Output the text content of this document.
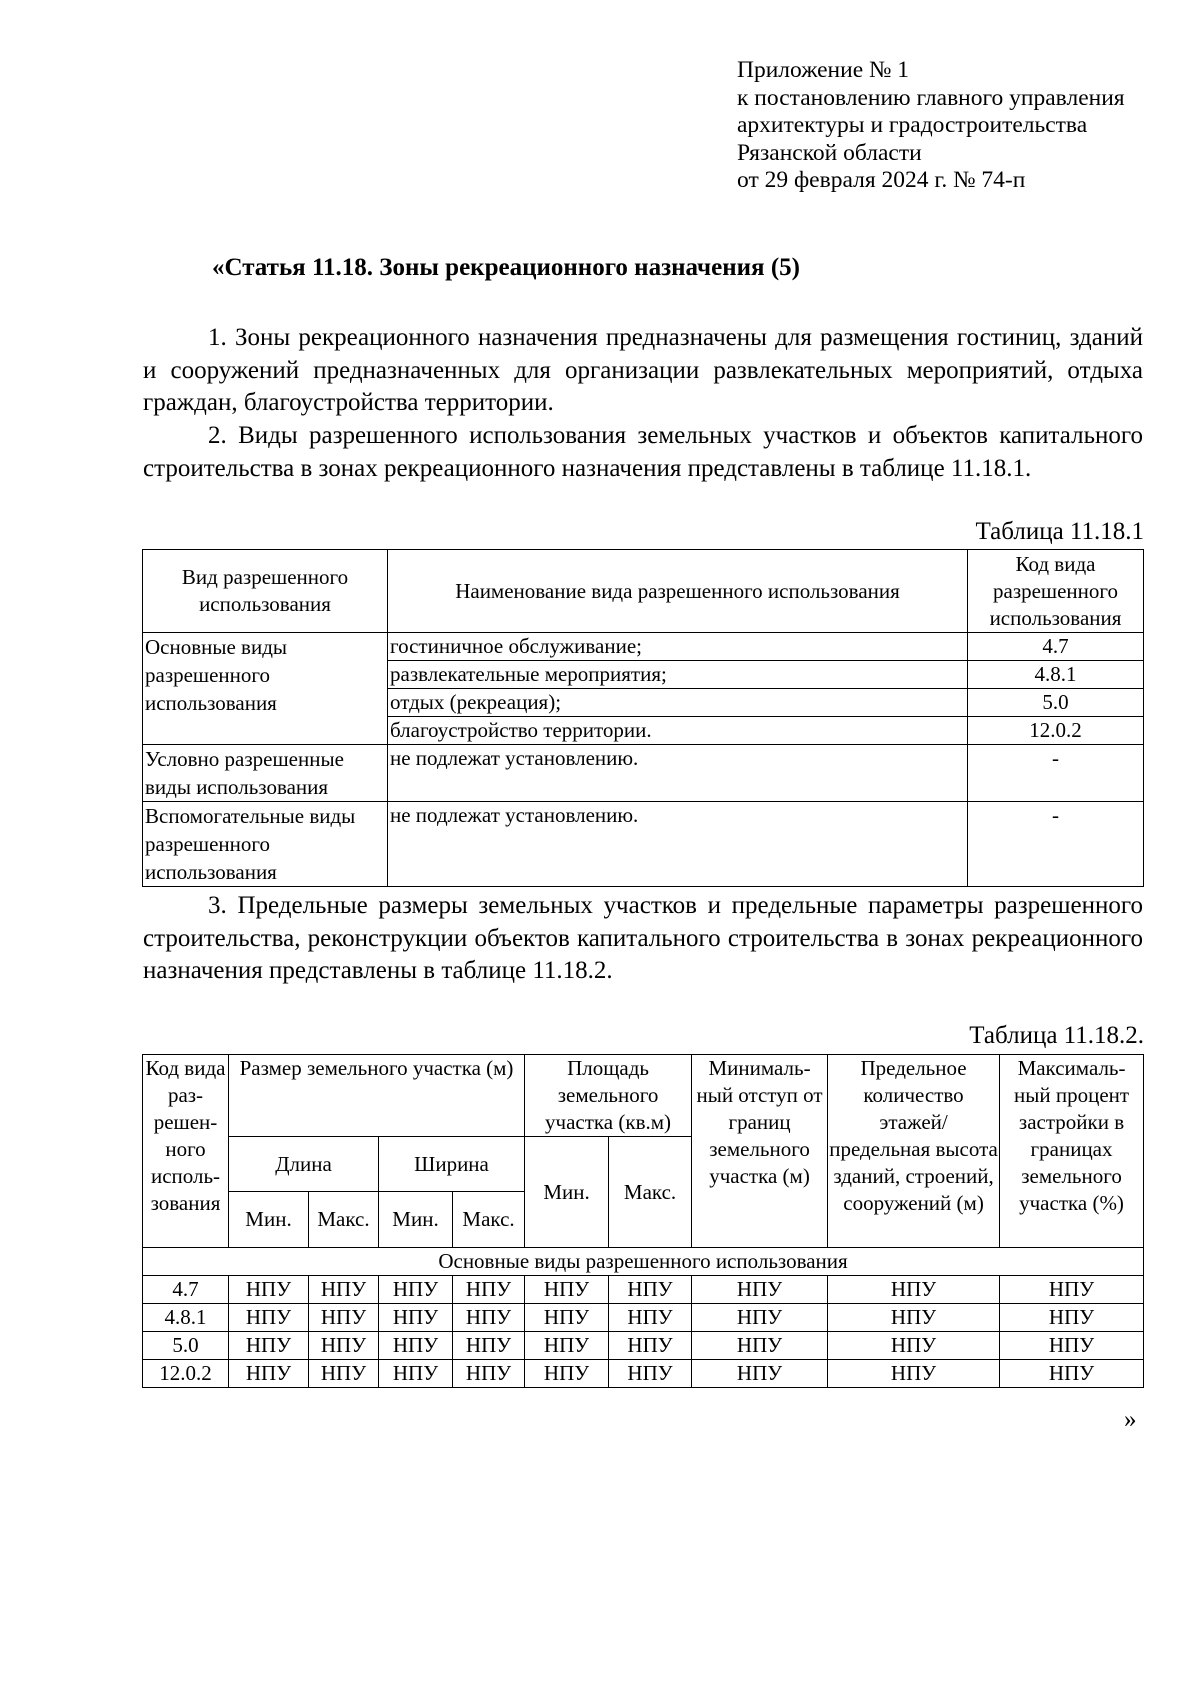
Приложение № 1
к постановлению главного управления
архитектуры и градостроительства
Рязанской области
от 29 февраля 2024 г. № 74-п
«Статья 11.18. Зоны рекреационного назначения (5)
1. Зоны рекреационного назначения предназначены для размещения гостиниц, зданий и сооружений предназначенных для организации развлекательных мероприятий, отдыха граждан, благоустройства территории.
2. Виды разрешенного использования земельных участков и объектов капитального строительства в зонах рекреационного назначения представлены в таблице 11.18.1.
Таблица 11.18.1
Вид разрешенного использования	Наименование вида разрешенного использования	Код вида разрешенного использования
Основные виды разрешенного использования	гостиничное обслуживание;	4.7
	развлекательные мероприятия;	4.8.1
	отдых (рекреация);	5.0
	благоустройство территории.	12.0.2
Условно разрешенные виды использования	не подлежат установлению.	-
Вспомогательные виды разрешенного использования	не подлежат установлению.	-
3. Предельные размеры земельных участков и предельные параметры разрешенного строительства, реконструкции объектов капитального строительства в зонах рекреационного назначения представлены в таблице 11.18.2.
Таблица 11.18.2.
Код вида раз-решен-ного исполь-зования	Размер земельного участка (м)				Площадь земельного участка (кв.м)		Минималь-ный отступ от границ земельного участка (м)	Предельное количество этажей/ предельная высота зданий, строений, сооружений (м)	Максималь-ный процент застройки в границах земельного участка (%)
	Длина		Ширина		Мин.	Макс.			
	Мин.	Макс.	Мин.	Макс.					
Основные виды разрешенного использования									
4.7	НПУ	НПУ	НПУ	НПУ	НПУ	НПУ	НПУ	НПУ	НПУ
4.8.1	НПУ	НПУ	НПУ	НПУ	НПУ	НПУ	НПУ	НПУ	НПУ
5.0	НПУ	НПУ	НПУ	НПУ	НПУ	НПУ	НПУ	НПУ	НПУ
12.0.2	НПУ	НПУ	НПУ	НПУ	НПУ	НПУ	НПУ	НПУ	НПУ
»
